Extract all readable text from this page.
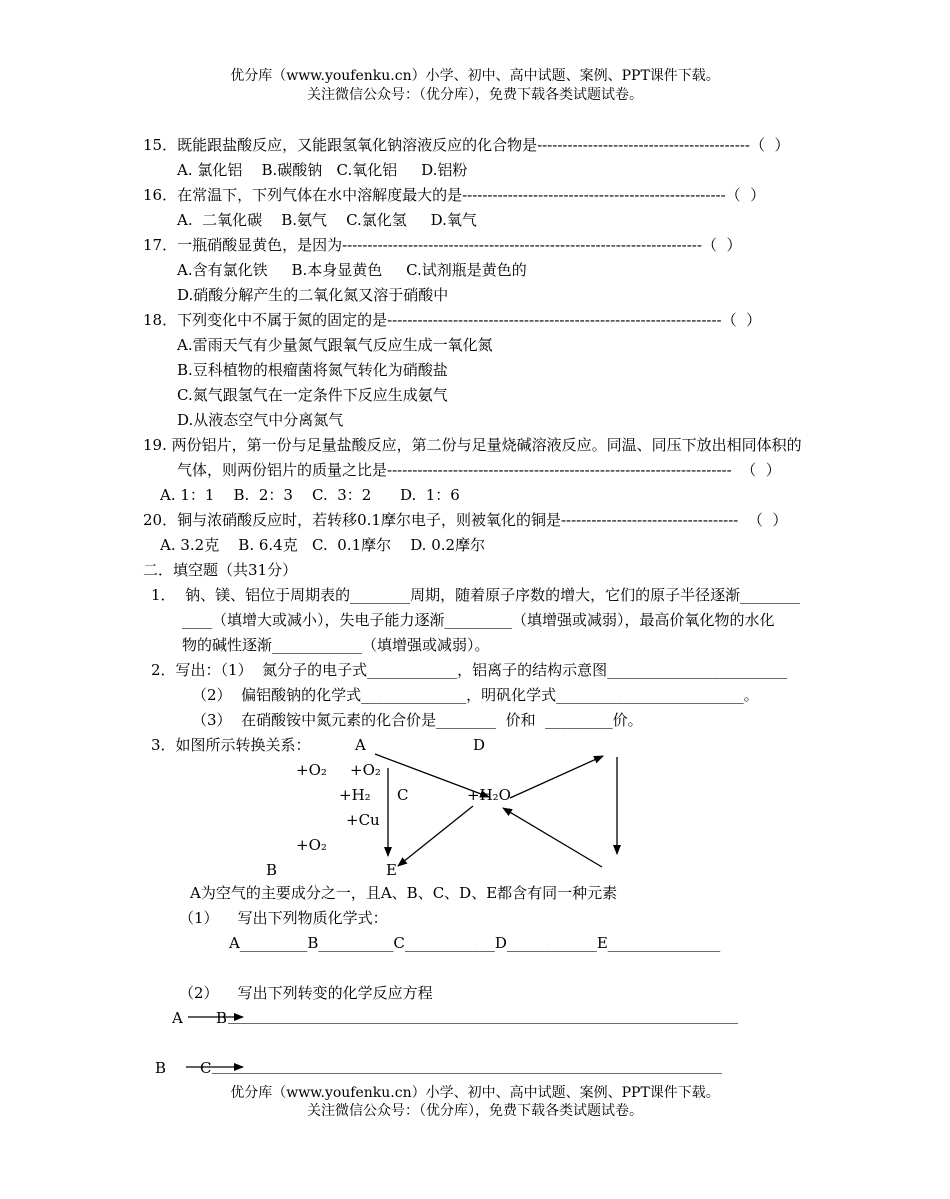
优分库（www.youfenku.cn）小学、初中、高中试题、案例、PPT课件下载。
关注微信公众号：（优分库），免费下载各类试题试卷。
15．既能跟盐酸反应，又能跟氢氧化钠溶液反应的化合物是------------------------------------------（  ）
A. 氯化铝    B.碳酸钠   C.氧化铝     D.铝粉
16．在常温下，下列气体在水中溶解度最大的是----------------------------------------------------（  ）
A.  二氧化碳    B.氨气    C.氯化氢     D.氧气
17．一瓶硝酸显黄色，是因为-----------------------------------------------------------------------（  ）
A.含有氯化铁     B.本身显黄色     C.试剂瓶是黄色的
D.硝酸分解产生的二氧化氮又溶于硝酸中
18．下列变化中不属于氮的固定的是------------------------------------------------------------------（  ）
A.雷雨天气有少量氮气跟氧气反应生成一氧化氮
B.豆科植物的根瘤菌将氮气转化为硝酸盐
C.氮气跟氢气在一定条件下反应生成氨气
D.从液态空气中分离氮气
19. 两份铝片，第一份与足量盐酸反应，第二份与足量烧碱溶液反应。同温、同压下放出相同体积的
气体，则两份铝片的质量之比是--------------------------------------------------------------------  （  ）
A. 1：1    B.  2：3    C.  3：2      D.  1：6
20．铜与浓硝酸反应时，若转移0.1摩尔电子，则被氧化的铜是-----------------------------------  （  ）
A. 3.2克    B. 6.4克   C.  0.1摩尔    D. 0.2摩尔
二．填空题（共31分）
1．  钠、镁、铝位于周期表的________周期，随着原子序数的增大，它们的原子半径逐渐________
____（填增大或减小），失电子能力逐渐_________（填增强或减弱），最高价氧化物的水化
物的碱性逐渐____________（填增强或减弱）。
2．写出：（1）  氮分子的电子式____________，铝离子的结构示意图________________________
（2）  偏铝酸钠的化学式______________，明矾化学式_________________________。
（3）  在硝酸铵中氮元素的化合价是________  价和  _________价。
3．如图所示转换关系：	A	D
+O₂ +O₂
+H₂ C	+H₂O
+Cu
+O₂
B	E
A为空气的主要成分之一，且A、B、C、D、E都含有同一种元素
（1）    写出下列物质化学式：
A_________B__________C____________D____________E_______________
（2）    写出下列转变的化学反应方程
A B ____________________________________________________________________
B C ____________________________________________________________________
优分库（www.youfenku.cn）小学、初中、高中试题、案例、PPT课件下载。
关注微信公众号：（优分库），免费下载各类试题试卷。
